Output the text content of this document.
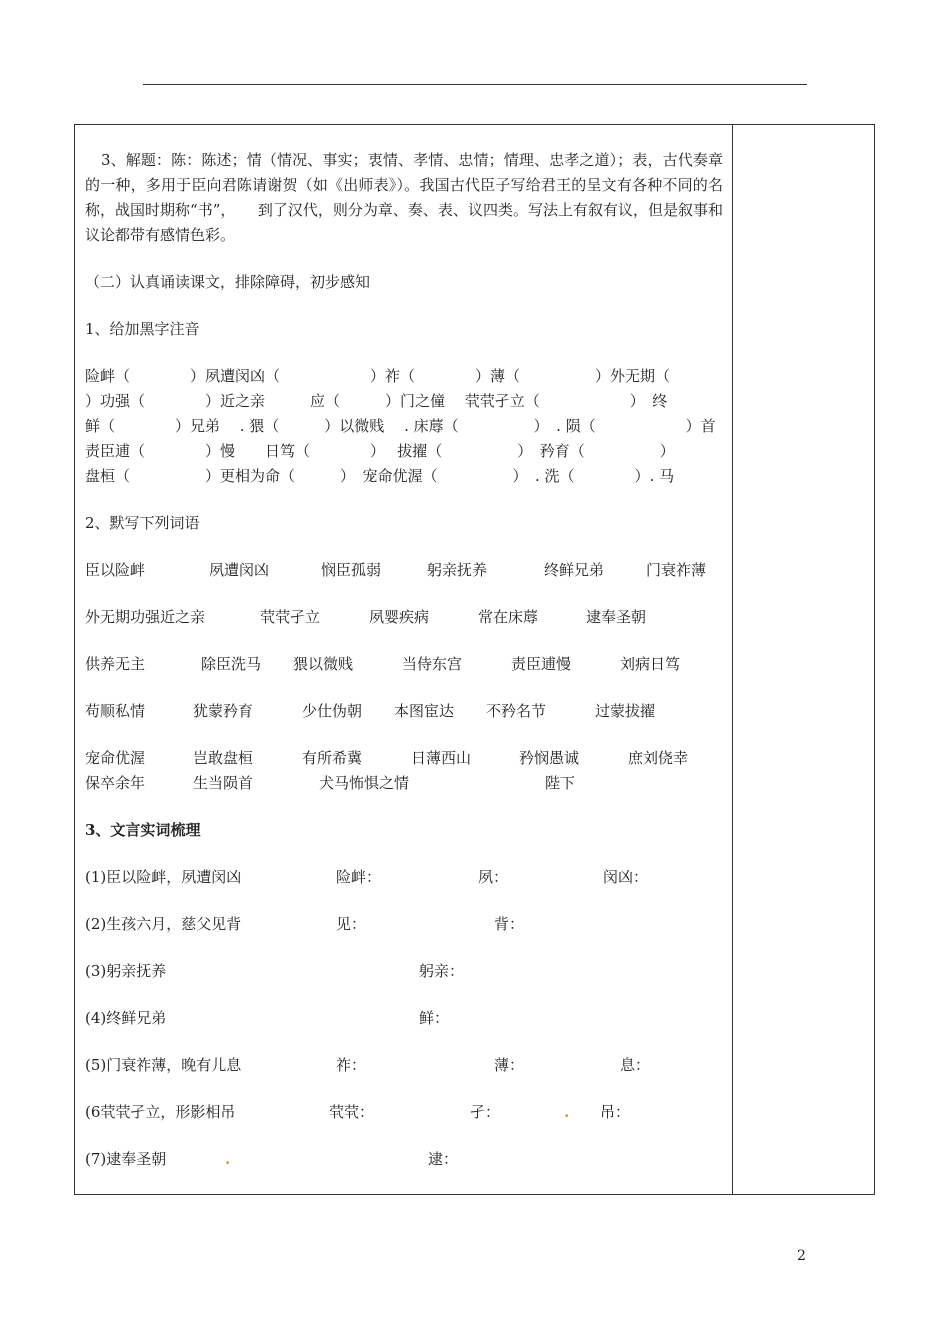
3、解题：陈：陈述；情（情况、事实；衷情、孝情、忠情；情理、忠孝之道）；表，古代奏章的一种，多用于臣向君陈请谢贺（如《出师表》）。我国古代臣子写给君王的呈文有各种不同的名称，战国时期称“书”，　　到了汉代，则分为章、奏、表、议四类。写法上有叙有议，但是叙事和议论都带有感情色彩。

（二）认真诵读课文，排除障碍，初步感知

1、给加黑字注音

险衅（　　　　）夙遭闵凶（　　　　　　）祚（　　　　）薄（　　　　　）外无期（

）功强（　　　　）近之亲　　　应（　　　）门之僮　 茕茕孑立（　　　　　　）　终

鲜（　　　　）兄弟　 . 猥（　　　）以微贱　 . 床蓐（　　　　　）　. 陨（　　　　　　）首

责臣逋（　　　　）慢　　日笃（　　　　）　 拔擢（　　　　　）　矜育（　　　　　）

盘桓（　　　　　）更相为命（　　　）　宠命优渥（　　　　　）　. 洗（　　　　）. 马

2、默写下列词语

臣以险衅	夙遭闵凶	悯臣孤弱	躬亲抚养	终鲜兄弟	门衰祚薄
外无期功强近之亲	茕茕孑立	夙婴疾病	常在床蓐	逮奉圣朝
供养无主	除臣洗马 猥以微贱	当侍东宫	责臣逋慢	刘病日笃
苟顺私情	犹蒙矜育	少仕伪朝 本图宦达 不矜名节	过蒙拔擢
宠命优渥	岂敢盘桓	有所希冀	日薄西山	矜悯愚诚	庶刘侥幸
保卒余年	生当陨首	犬马怖惧之情	陛下

3、文言实词梳理

(1)臣以险衅，夙遭闵凶	险衅：	夙：	闵凶：
(2)生孩六月，慈父见背	见：	背：
(3)躬亲抚养	躬亲：
(4)终鲜兄弟	鲜：
(5)门衰祚薄，晚有儿息	祚：	薄：	息：
(6茕茕孑立，形影相吊	茕茕：	孑：	. 吊：
(7)逮奉圣朝	.	逮：
2
